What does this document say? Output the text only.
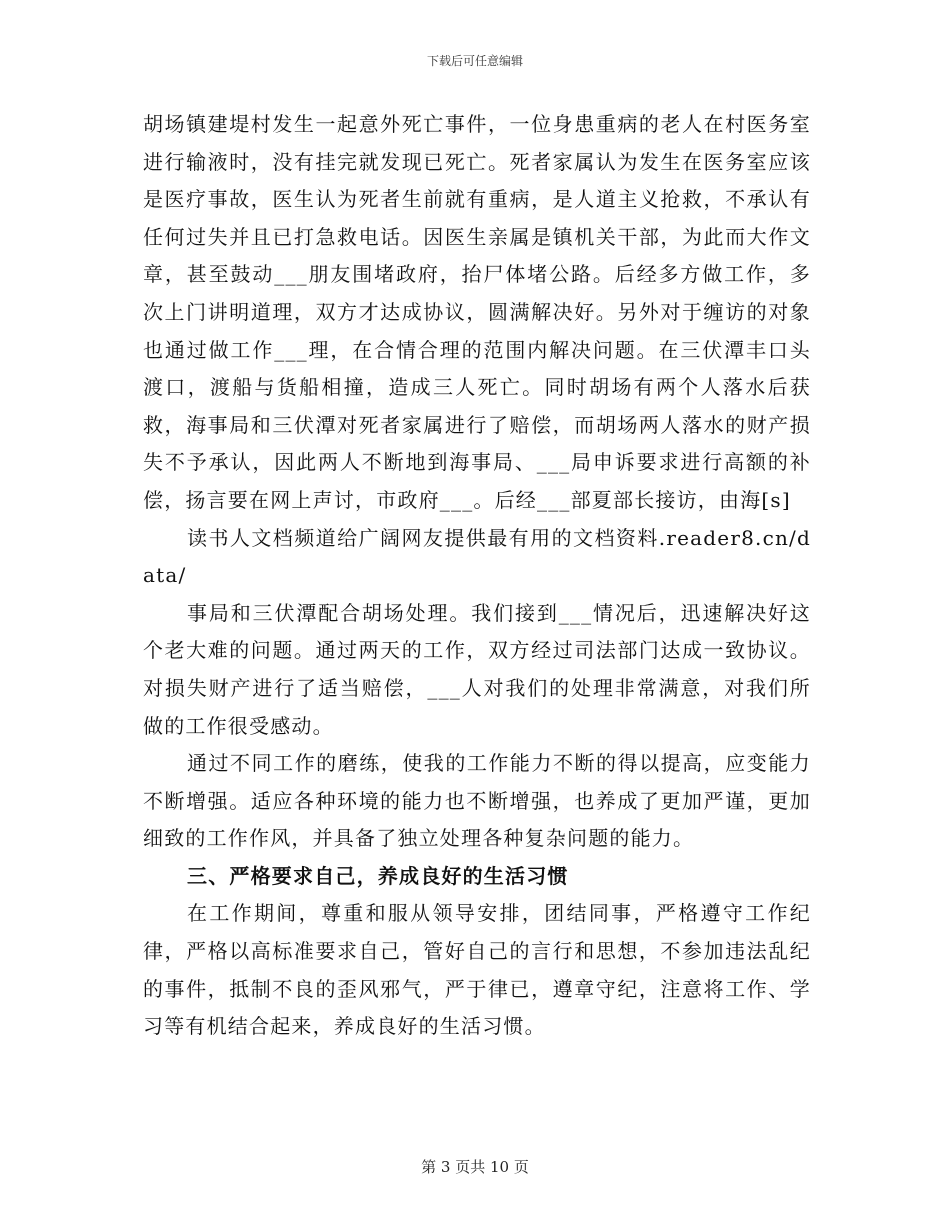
下载后可任意编辑

胡场镇建堤村发生一起意外死亡事件，一位身患重病的老人在村医务室进行输液时，没有挂完就发现已死亡。死者家属认为发生在医务室应该是医疗事故，医生认为死者生前就有重病，是人道主义抢救，不承认有任何过失并且已打急救电话。因医生亲属是镇机关干部，为此而大作文章，甚至鼓动___朋友围堵政府，抬尸体堵公路。后经多方做工作，多次上门讲明道理，双方才达成协议，圆满解决好。另外对于缠访的对象也通过做工作___理，在合情合理的范围内解决问题。在三伏潭丰口头渡口，渡船与货船相撞，造成三人死亡。同时胡场有两个人落水后获救，海事局和三伏潭对死者家属进行了赔偿，而胡场两人落水的财产损失不予承认，因此两人不断地到海事局、___局申诉要求进行高额的补偿，扬言要在网上声讨，市政府___。后经___部夏部长接访，由海[s]

读书人文档频道给广阔网友提供最有用的文档资料.reader8.cn/data/

事局和三伏潭配合胡场处理。我们接到___情况后，迅速解决好这个老大难的问题。通过两天的工作，双方经过司法部门达成一致协议。对损失财产进行了适当赔偿，___人对我们的处理非常满意，对我们所做的工作很受感动。

通过不同工作的磨练，使我的工作能力不断的得以提高，应变能力不断增强。适应各种环境的能力也不断增强，也养成了更加严谨，更加细致的工作作风，并具备了独立处理各种复杂问题的能力。

三、严格要求自己，养成良好的生活习惯

在工作期间，尊重和服从领导安排，团结同事，严格遵守工作纪律，严格以高标准要求自己，管好自己的言行和思想，不参加违法乱纪的事件，抵制不良的歪风邪气，严于律已，遵章守纪，注意将工作、学习等有机结合起来，养成良好的生活习惯。

第 3 页共 10 页
